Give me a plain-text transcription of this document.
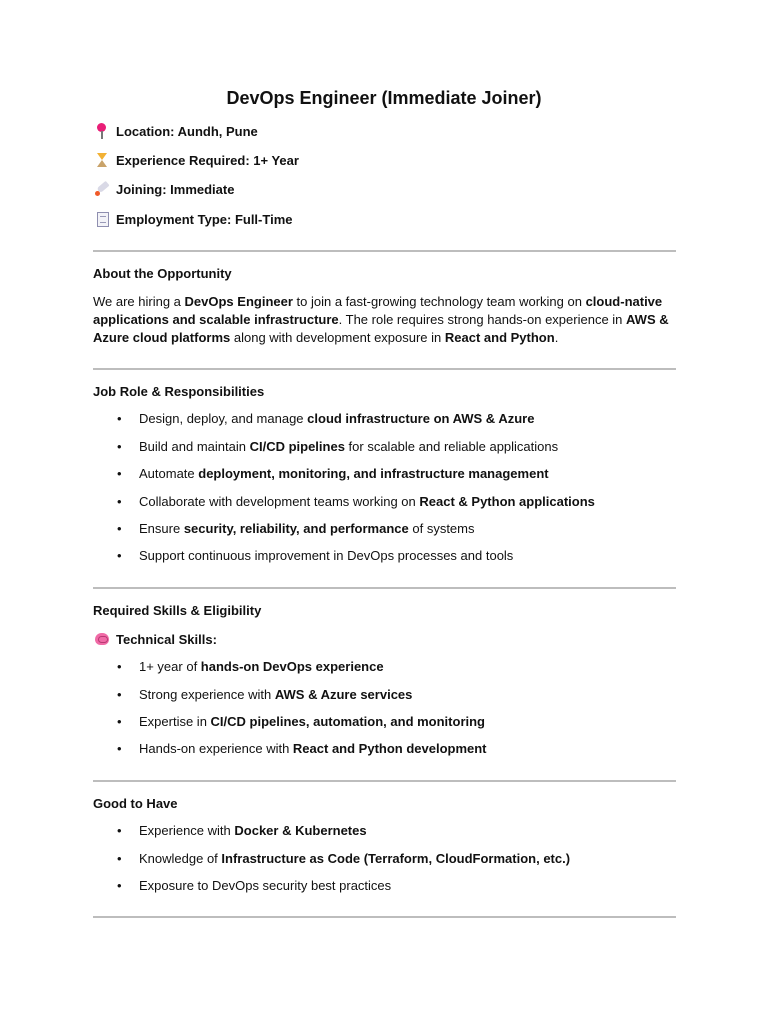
DevOps Engineer (Immediate Joiner)
Location: Aundh, Pune
Experience Required: 1+ Year
Joining: Immediate
Employment Type: Full-Time
About the Opportunity

We are hiring a DevOps Engineer to join a fast-growing technology team working on cloud-native applications and scalable infrastructure. The role requires strong hands-on experience in AWS & Azure cloud platforms along with development exposure in React and Python.

Job Role & Responsibilities
•	Design, deploy, and manage cloud infrastructure on AWS & Azure
•	Build and maintain CI/CD pipelines for scalable and reliable applications
•	Automate deployment, monitoring, and infrastructure management
•	Collaborate with development teams working on React & Python applications
•	Ensure security, reliability, and performance of systems
•	Support continuous improvement in DevOps processes and tools
Required Skills & Eligibility
Technical Skills:
•	1+ year of hands-on DevOps experience
•	Strong experience with AWS & Azure services
•	Expertise in CI/CD pipelines, automation, and monitoring
•	Hands-on experience with React and Python development
Good to Have
•	Experience with Docker & Kubernetes
•	Knowledge of Infrastructure as Code (Terraform, CloudFormation, etc.)
•	Exposure to DevOps security best practices
